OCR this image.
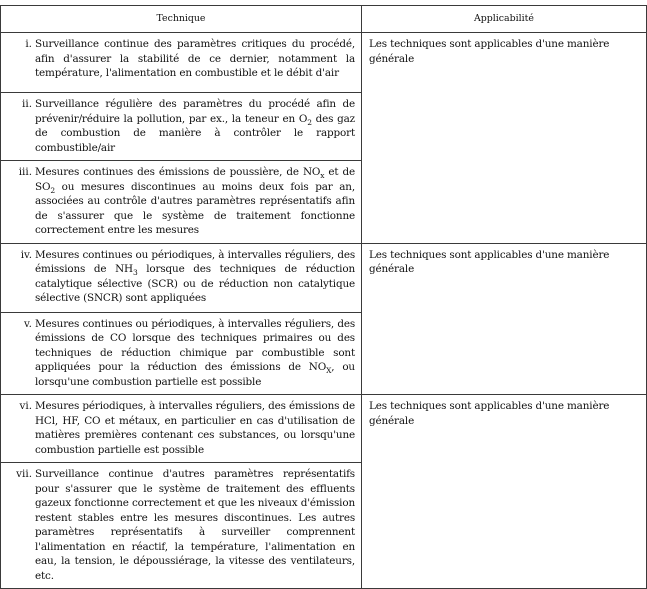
Technique	Applicabilité

i. Surveillance continue des paramètres critiques du procédé, afin d'assurer la stabilité de ce dernier, notamment la température, l'alimentation en combustible et le débit d'air	Les techniques sont applicables d'une manière générale

ii. Surveillance régulière des paramètres du procédé afin de prévenir/réduire la pollution, par ex., la teneur en $O_2$ des gaz de combustion de manière à contrôler le rapport combustible/air	

iii. Mesures continues des émissions de poussière, de $NO_x$ et de $SO_2$ ou mesures discontinues au moins deux fois par an, associées au contrôle d'autres paramètres représentatifs afin de s'assurer que le système de traitement fonctionne correctement entre les mesures	

iv. Mesures continues ou périodiques, à intervalles réguliers, des émissions de $NH_3$ lorsque des techniques de réduction catalytique sélective (SCR) ou de réduction non catalytique sélective (SNCR) sont appliquées	Les techniques sont applicables d'une manière générale

v. Mesures continues ou périodiques, à intervalles réguliers, des émissions de CO lorsque des techniques primaires ou des techniques de réduction chimique par combustible sont appliquées pour la réduction des émissions de $NO_X$, ou lorsqu'une combustion partielle est possible	

vi. Mesures périodiques, à intervalles réguliers, des émissions de HCl, HF, CO et métaux, en particulier en cas d'utilisation de matières premières contenant ces substances, ou lorsqu'une combustion partielle est possible	Les techniques sont applicables d'une manière générale

vii. Surveillance continue d'autres paramètres représentatifs pour s'assurer que le système de traitement des effluents gazeux fonctionne correctement et que les niveaux d'émission restent stables entre les mesures discontinues. Les autres paramètres représentatifs à surveiller comprennent l'alimentation en réactif, la température, l'alimentation en eau, la tension, le dépoussiérage, la vitesse des ventilateurs, etc.	
